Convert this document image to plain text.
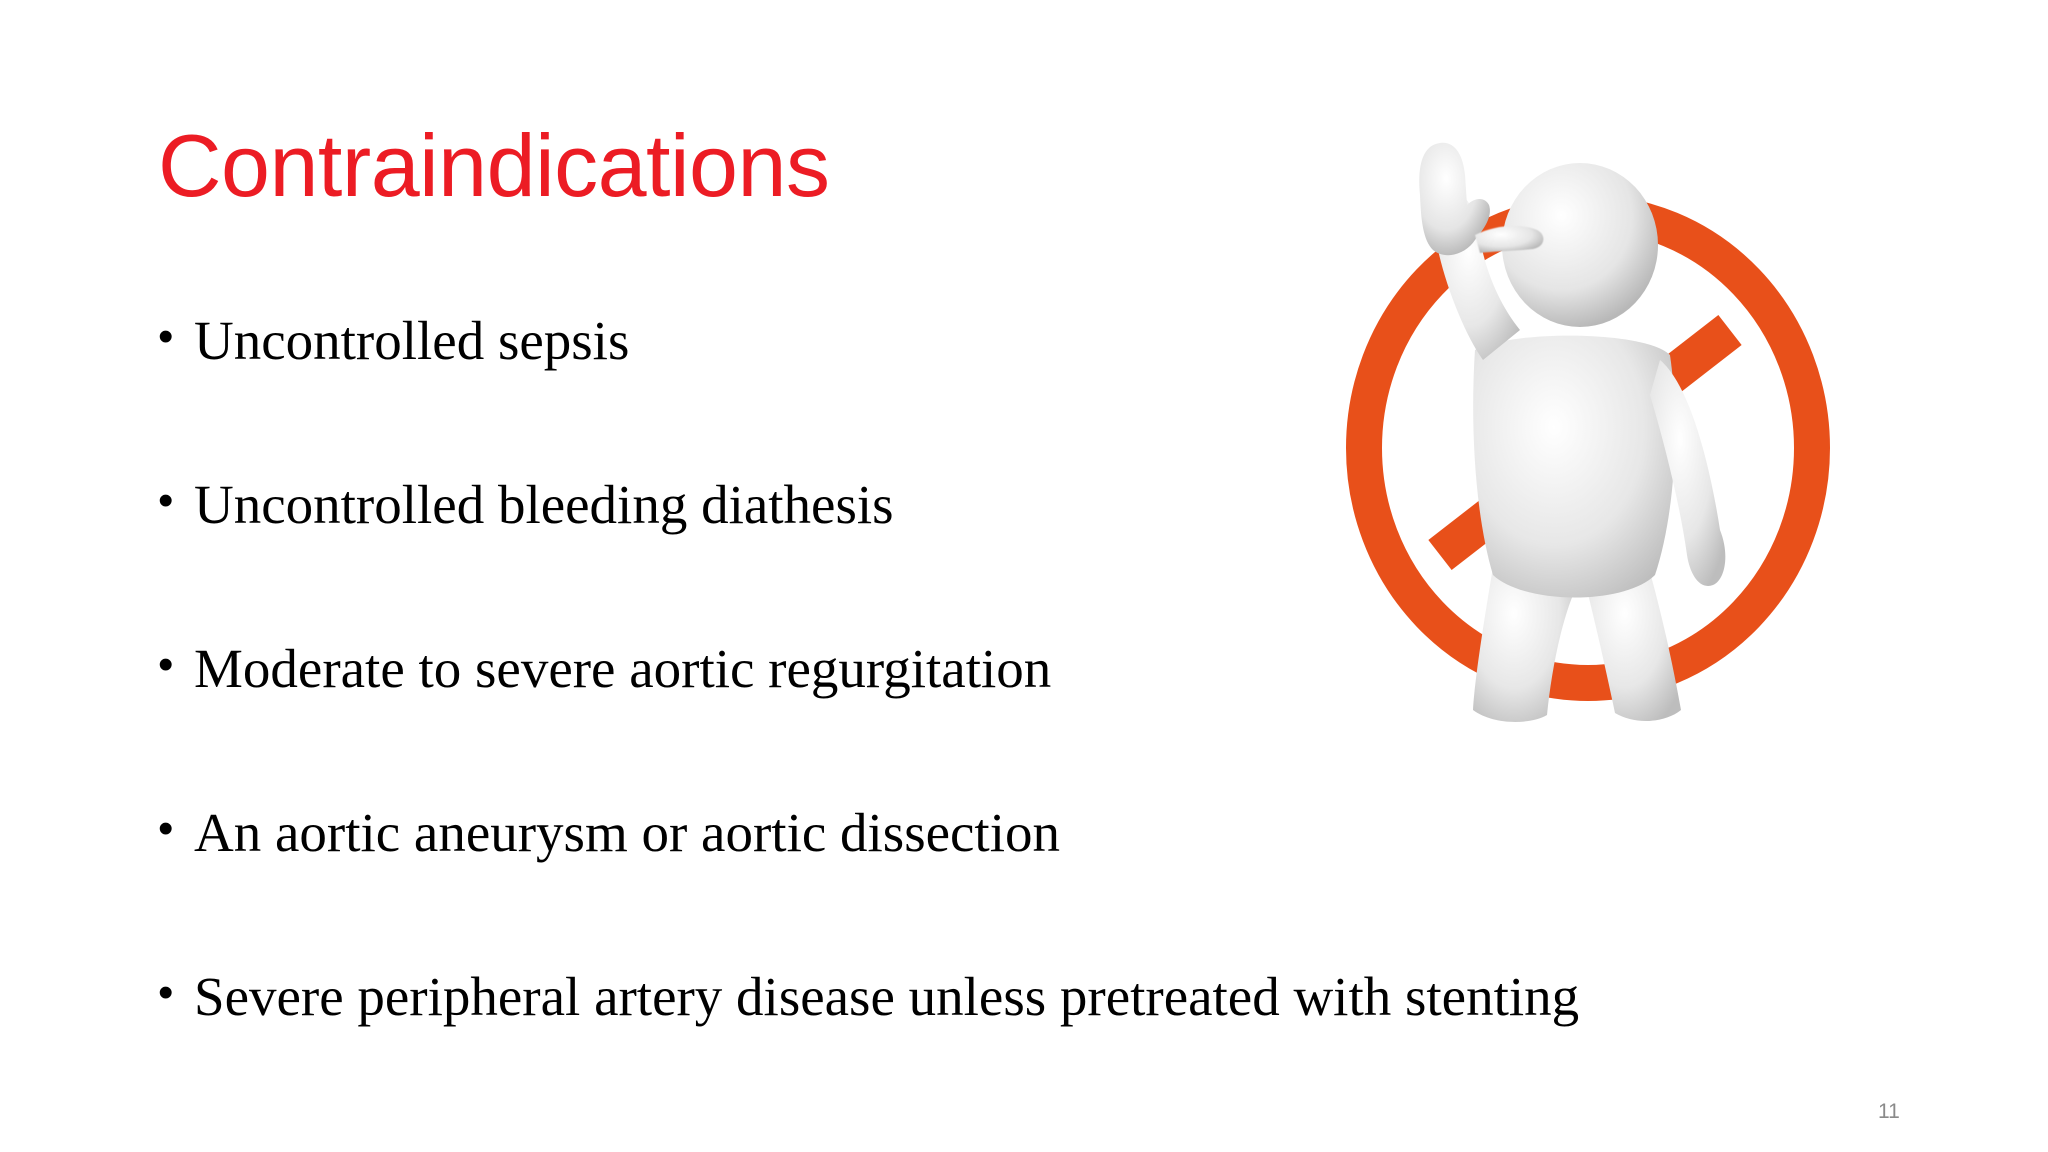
Contraindications
• Uncontrolled sepsis
• Uncontrolled bleeding diathesis
• Moderate to severe aortic regurgitation
• An aortic aneurysm or aortic dissection
• Severe peripheral artery disease unless pretreated with stenting
11
